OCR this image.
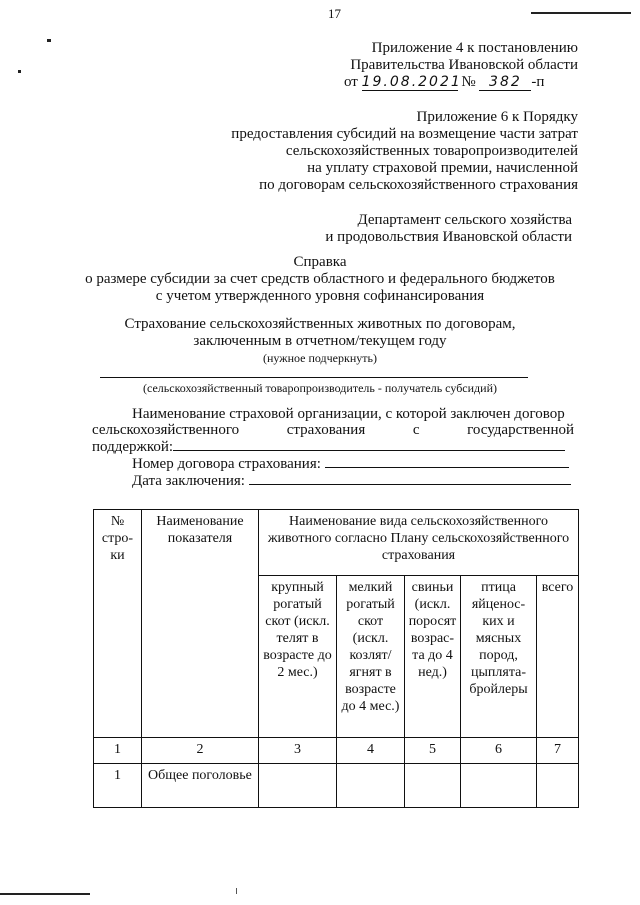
17
Приложение 4 к постановлению
Правительства Ивановской области
от 19.08.2021 № 382 -п
Приложение 6 к Порядку
предоставления субсидий на возмещение части затрат
сельскохозяйственных товаропроизводителей
на уплату страховой премии, начисленной
по договорам сельскохозяйственного страхования
Департамент сельского хозяйства
и продовольствия Ивановской области
Справка
о размере субсидии за счет средств областного и федерального бюджетов
с учетом утвержденного уровня софинансирования
Страхование сельскохозяйственных животных по договорам,
заключенным в отчетном/текущем году
(нужное подчеркнуть)
(сельскохозяйственный товаропроизводитель - получатель субсидий)
Наименование страховой организации, с которой заключен договор
сельскохозяйственного	страхования	с	государственной
поддержкой:
Номер договора страхования:
Дата заключения:
№ стро-ки	Наименование показателя	Наименование вида сельскохозяйственного животного согласно Плану сельскохозяйственного страхования				
		крупный рогатый скот (искл. телят в возрасте до 2 мес.)	мелкий рогатый скот (искл. козлят/ ягнят в возрасте до 4 мес.)	свиньи (искл. поросят возрас-та до 4 нед.)	птица яйценос-ких и мясных пород, цыплята-бройлеры	всего
1	2	3	4	5	6	7
1	Общее поголовье					
